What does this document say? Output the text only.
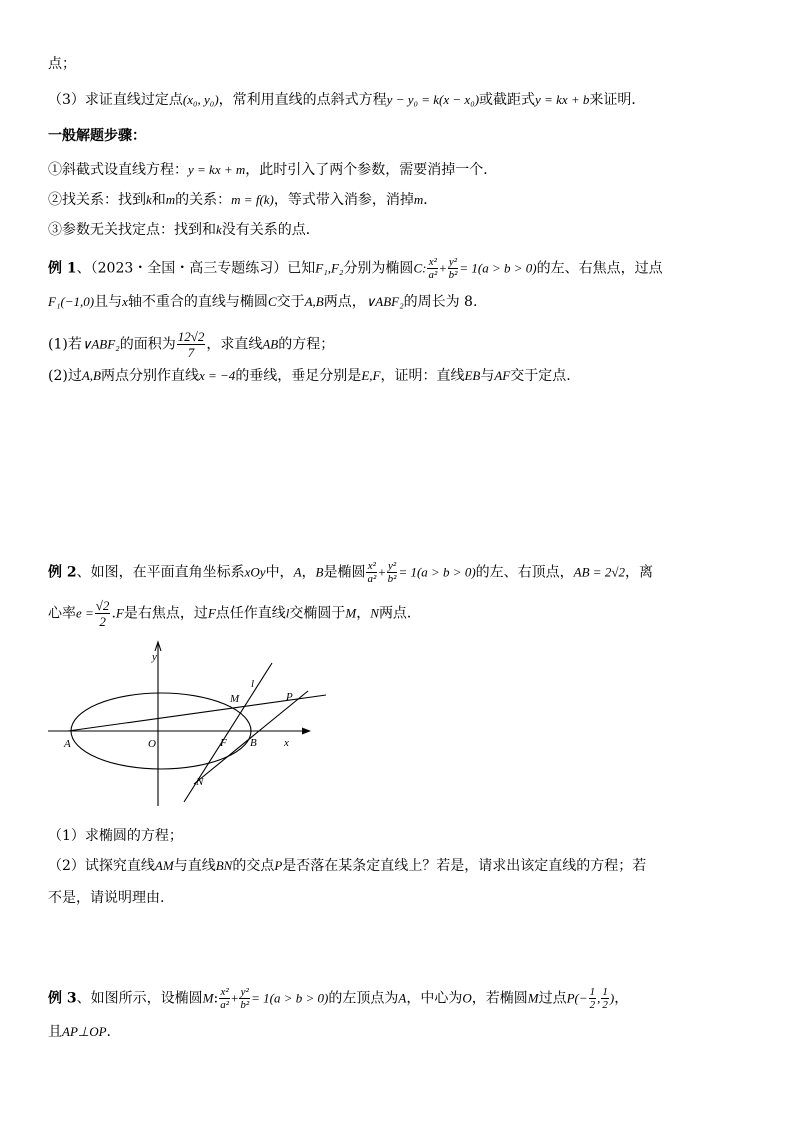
点；
（3）求证直线过定点(x₀, y₀)，常利用直线的点斜式方程y − y₀ = k(x − x₀)或截距式y = kx + b来证明．
一般解题步骤：
①斜截式设直线方程：y = kx + m，此时引入了两个参数，需要消掉一个．
②找关系：找到k和m的关系：m = f(k)，等式带入消参，消掉m．
③参数无关找定点：找到和k没有关系的点．
例 1、（2023・全国・高三专题练习）已知F₁,F₂分别为椭圆C: $\frac{\text{x²}}{\text{a²}} + \frac{\text{y²}}{\text{b²}} = 1(a > b > 0)$的左、右焦点，过点
F₁(−1,0)且与x轴不重合的直线与椭圆C交于A,B两点，∨ABF₂的周长为 8.
(1)若∨ABF₂的面积为 $\frac{12√2}{7}$ ，求直线AB的方程；
(2)过A,B两点分别作直线x = −4的垂线，垂足分别是E,F，证明：直线EB与AF交于定点.
例 2、如图，在平面直角坐标系xOy中，A，B是椭圆 $\frac{\text{x²}}{\text{a²}} + \frac{\text{y²}}{\text{b²}} = 1(a > b > 0)$的左、右顶点，AB = 2√2，离
心率$e = \frac{√2}{2} .F$是右焦点，过F点任作直线l交椭圆于M，N两点．
y
l
M	P
A	O	F B x
N
（1）求椭圆的方程；
（2）试探究直线AM与直线BN的交点P是否落在某条定直线上？若是，请求出该定直线的方程；若
不是，请说明理由.
例 3、如图所示，设椭圆M: $\frac{\text{x²}}{\text{a²}} + \frac{\text{y²}}{\text{b²}} = 1(a > b > 0)$的左顶点为A，中心为O，若椭圆M过点$P(- \frac{1}{2}$ , $\frac{1}{2}$ )，
且AP⊥OP.
